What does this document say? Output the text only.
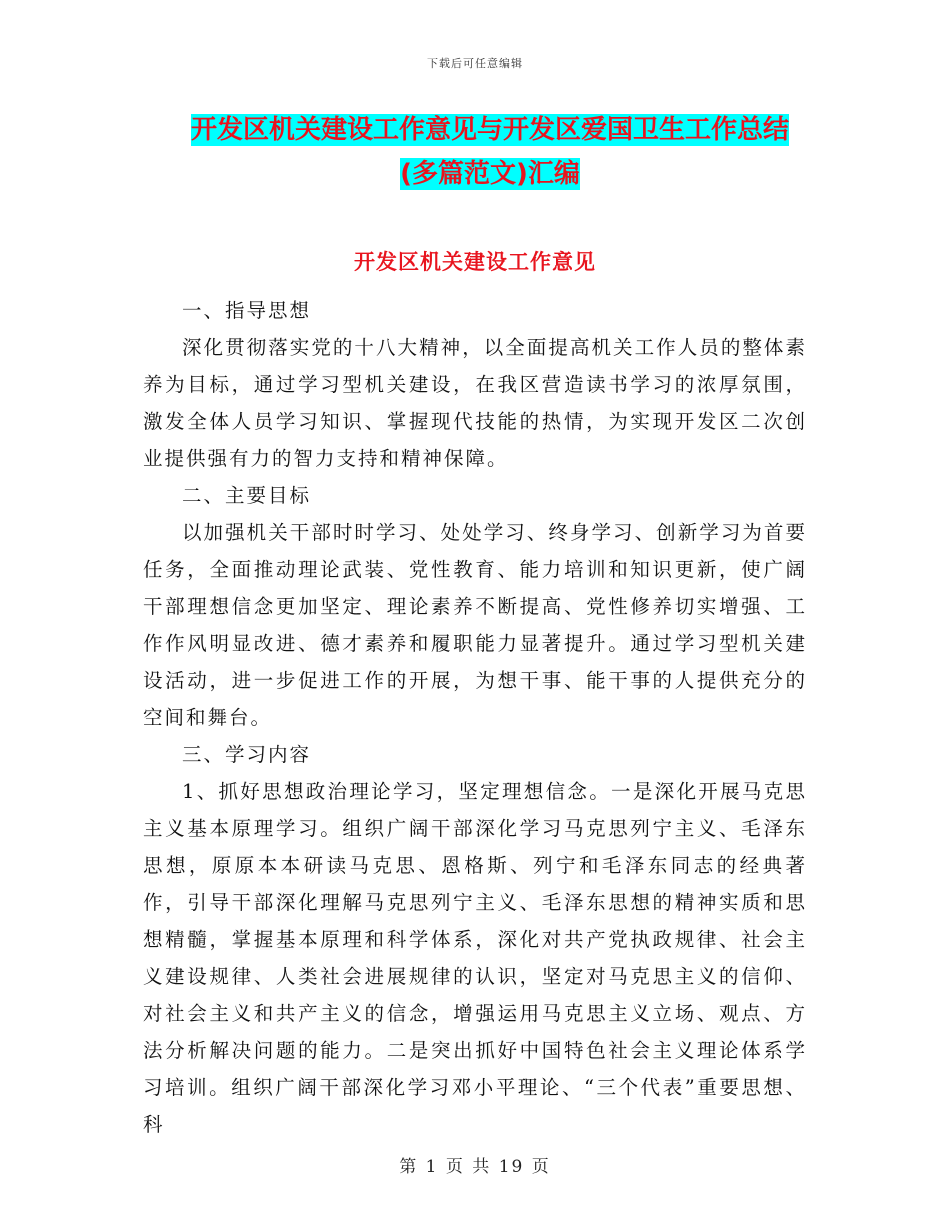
下载后可任意编辑
开发区机关建设工作意见与开发区爱国卫生工作总结
(多篇范文)汇编
开发区机关建设工作意见

一、指导思想

深化贯彻落实党的十八大精神，以全面提高机关工作人员的整体素养为目标，通过学习型机关建设，在我区营造读书学习的浓厚氛围，激发全体人员学习知识、掌握现代技能的热情，为实现开发区二次创业提供强有力的智力支持和精神保障。

二、主要目标

以加强机关干部时时学习、处处学习、终身学习、创新学习为首要任务，全面推动理论武装、党性教育、能力培训和知识更新，使广阔干部理想信念更加坚定、理论素养不断提高、党性修养切实增强、工作作风明显改进、德才素养和履职能力显著提升。通过学习型机关建设活动，进一步促进工作的开展，为想干事、能干事的人提供充分的空间和舞台。

三、学习内容

1、抓好思想政治理论学习，坚定理想信念。一是深化开展马克思主义基本原理学习。组织广阔干部深化学习马克思列宁主义、毛泽东思想，原原本本研读马克思、恩格斯、列宁和毛泽东同志的经典著作，引导干部深化理解马克思列宁主义、毛泽东思想的精神实质和思想精髓，掌握基本原理和科学体系，深化对共产党执政规律、社会主义建设规律、人类社会进展规律的认识，坚定对马克思主义的信仰、对社会主义和共产主义的信念，增强运用马克思主义立场、观点、方法分析解决问题的能力。二是突出抓好中国特色社会主义理论体系学习培训。组织广阔干部深化学习邓小平理论、“三个代表”重要思想、科

第 1 页 共 19 页
